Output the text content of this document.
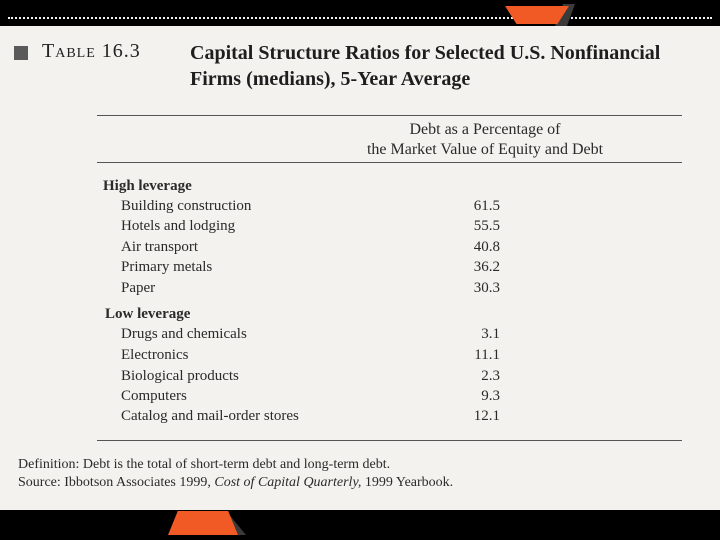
Table 16.3 Capital Structure Ratios for Selected U.S. Nonfinancial
Firms (medians), 5-Year Average
Debt as a Percentage of
the Market Value of Equity and Debt
High leverage
Building construction	61.5
Hotels and lodging	55.5
Air transport	40.8
Primary metals	36.2
Paper	30.3
Low leverage
Drugs and chemicals	3.1
Electronics	11.1
Biological products	2.3
Computers	9.3
Catalog and mail-order stores	12.1
Definition: Debt is the total of short-term debt and long-term debt.
Source: Ibbotson Associates 1999, Cost of Capital Quarterly, 1999 Yearbook.
